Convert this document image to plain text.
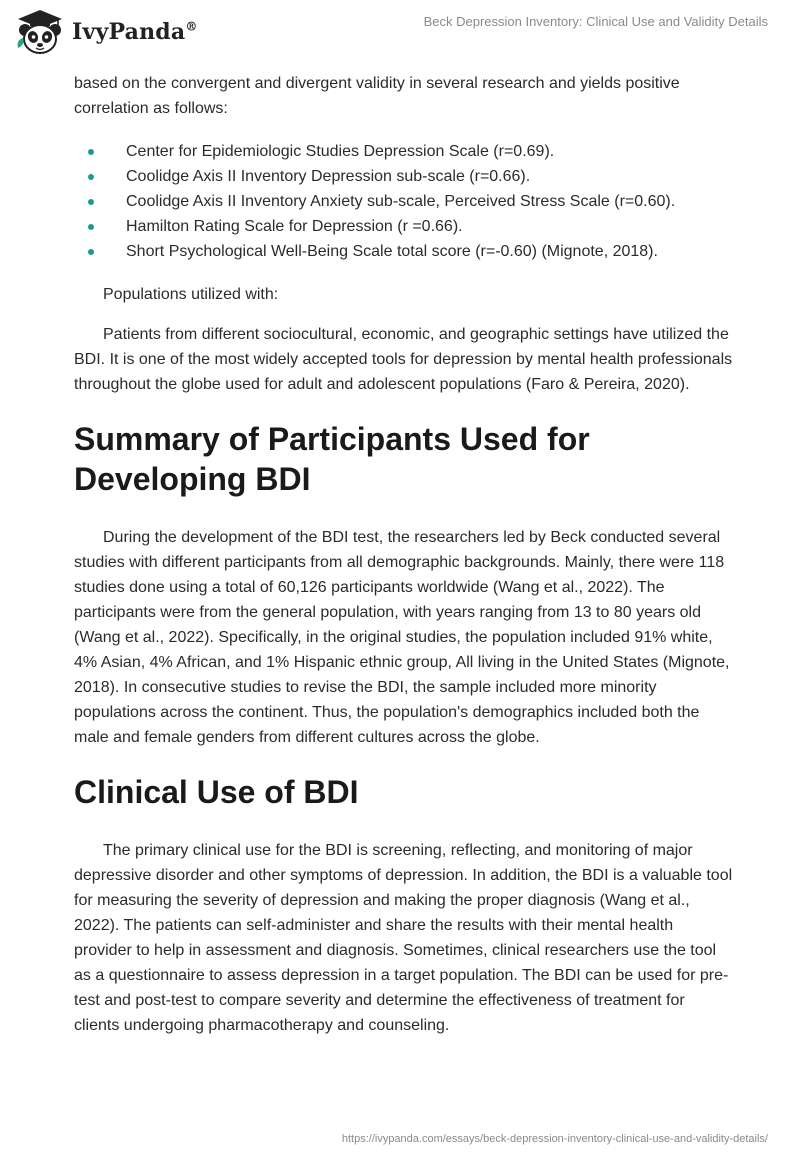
IvyPanda®	Beck Depression Inventory: Clinical Use and Validity Details

based on the convergent and divergent validity in several research and yields positive correlation as follows:

Center for Epidemiologic Studies Depression Scale (r=0.69).
Coolidge Axis II Inventory Depression sub-scale (r=0.66).
Coolidge Axis II Inventory Anxiety sub-scale, Perceived Stress Scale (r=0.60).
Hamilton Rating Scale for Depression (r =0.66).
Short Psychological Well-Being Scale total score (r=-0.60) (Mignote, 2018).

Populations utilized with:

Patients from different sociocultural, economic, and geographic settings have utilized the BDI. It is one of the most widely accepted tools for depression by mental health professionals throughout the globe used for adult and adolescent populations (Faro & Pereira, 2020).

Summary of Participants Used for Developing BDI

During the development of the BDI test, the researchers led by Beck conducted several studies with different participants from all demographic backgrounds. Mainly, there were 118 studies done using a total of 60,126 participants worldwide (Wang et al., 2022). The participants were from the general population, with years ranging from 13 to 80 years old (Wang et al., 2022). Specifically, in the original studies, the population included 91% white, 4% Asian, 4% African, and 1% Hispanic ethnic group, All living in the United States (Mignote, 2018). In consecutive studies to revise the BDI, the sample included more minority populations across the continent. Thus, the population's demographics included both the male and female genders from different cultures across the globe.

Clinical Use of BDI

The primary clinical use for the BDI is screening, reflecting, and monitoring of major depressive disorder and other symptoms of depression. In addition, the BDI is a valuable tool for measuring the severity of depression and making the proper diagnosis (Wang et al., 2022). The patients can self-administer and share the results with their mental health provider to help in assessment and diagnosis. Sometimes, clinical researchers use the tool as a questionnaire to assess depression in a target population. The BDI can be used for pre-test and post-test to compare severity and determine the effectiveness of treatment for clients undergoing pharmacotherapy and counseling.

https://ivypanda.com/essays/beck-depression-inventory-clinical-use-and-validity-details/
